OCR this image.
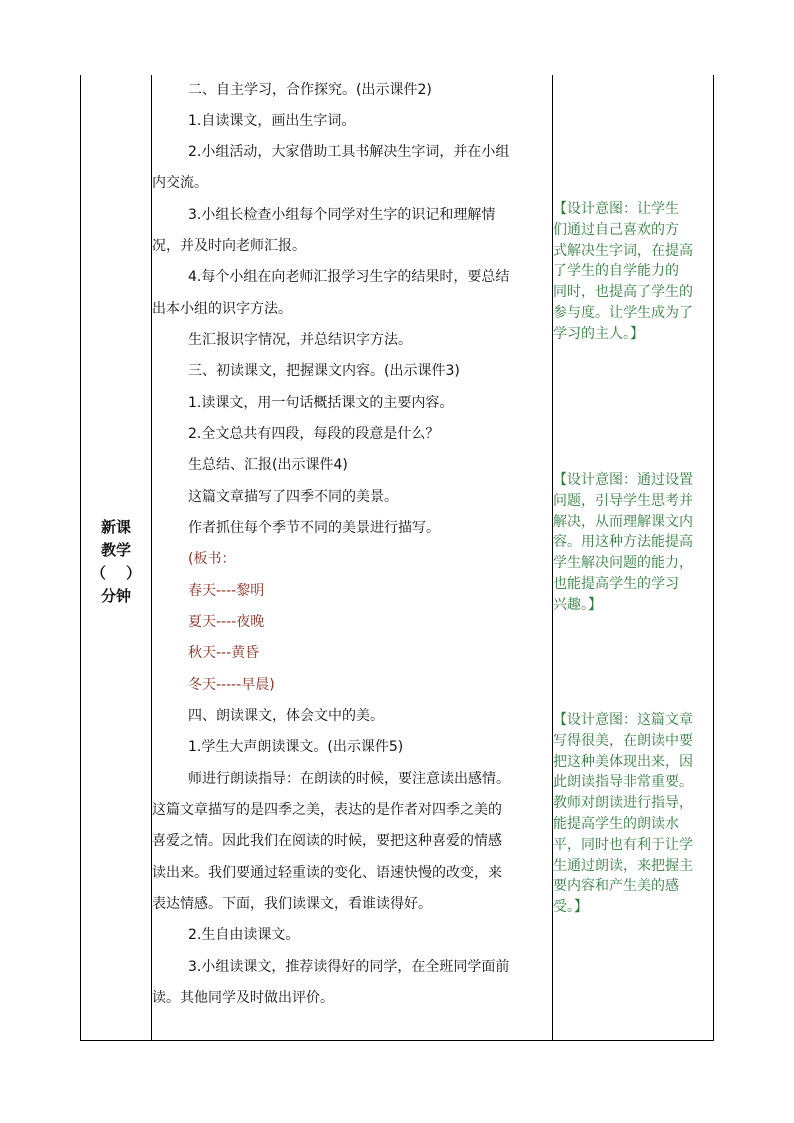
新课
教学
（ ）
分钟
二、自主学习，合作探究。(出示课件2)
1.自读课文，画出生字词。
2.小组活动，大家借助工具书解决生字词，并在小组
内交流。
3.小组长检查小组每个同学对生字的识记和理解情
况，并及时向老师汇报。
4.每个小组在向老师汇报学习生字的结果时，要总结
出本小组的识字方法。
生汇报识字情况，并总结识字方法。
三、初读课文，把握课文内容。(出示课件3)
1.读课文，用一句话概括课文的主要内容。
2.全文总共有四段，每段的段意是什么？
生总结、汇报(出示课件4)
这篇文章描写了四季不同的美景。
作者抓住每个季节不同的美景进行描写。
(板书：
春天----黎明
夏天----夜晚
秋天---黄昏
冬天-----早晨)
四、朗读课文，体会文中的美。
1.学生大声朗读课文。(出示课件5)
师进行朗读指导：在朗读的时候，要注意读出感情。
这篇文章描写的是四季之美，表达的是作者对四季之美的
喜爱之情。因此我们在阅读的时候，要把这种喜爱的情感
读出来。我们要通过轻重读的变化、语速快慢的改变，来
表达情感。下面，我们读课文，看谁读得好。
2.生自由读课文。
3.小组读课文，推荐读得好的同学，在全班同学面前
读。其他同学及时做出评价。
【设计意图：让学生
们通过自己喜欢的方
式解决生字词，在提高
了学生的自学能力的
同时，也提高了学生的
参与度。让学生成为了
学习的主人。】
【设计意图：通过设置
问题，引导学生思考并
解决，从而理解课文内
容。用这种方法能提高
学生解决问题的能力，
也能提高学生的学习
兴趣。】
【设计意图：这篇文章
写得很美，在朗读中要
把这种美体现出来，因
此朗读指导非常重要。
教师对朗读进行指导，
能提高学生的朗读水
平，同时也有利于让学
生通过朗读，来把握主
要内容和产生美的感
受。】
